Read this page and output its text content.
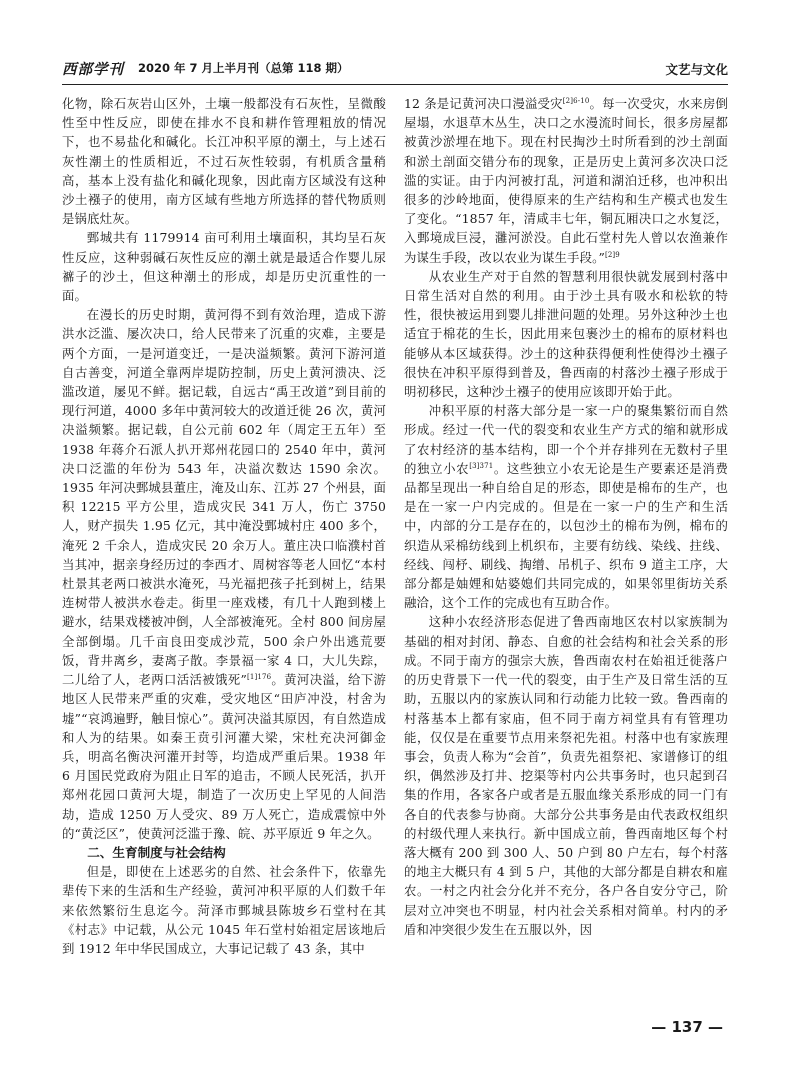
西部学刊 2020 年 7 月上半月刊（总第 118 期）	文艺与文化

化物，除石灰岩山区外，土壤一般都没有石灰性，呈微酸性至中性反应，即使在排水不良和耕作管理粗放的情况下，也不易盐化和碱化。长江冲积平原的潮土，与上述石灰性潮土的性质相近，不过石灰性较弱，有机质含量稍高，基本上没有盐化和碱化现象，因此南方区域没有这种沙土襁子的使用，南方区域有些地方所选择的替代物质则是锅底灶灰。

鄄城共有 1179914 亩可利用土壤面积，其均呈石灰性反应，这种弱碱石灰性反应的潮土就是最适合作婴儿尿褯子的沙土，但这种潮土的形成，却是历史沉重性的一面。

在漫长的历史时期，黄河得不到有效治理，造成下游洪水泛滥、屡次决口，给人民带来了沉重的灾难，主要是两个方面，一是河道变迁，一是决溢频繁。黄河下游河道自古善变，河道全靠两岸堤防控制，历史上黄河溃决、泛滥改道，屡见不鲜。据记载，自远古“禹王改道”到目前的现行河道，4000 多年中黄河较大的改道迁徙 26 次，黄河决溢频繁。据记载，自公元前 602 年（周定王五年）至 1938 年蒋介石派人扒开郑州花园口的 2540 年中，黄河决口泛滥的年份为 543 年，决溢次数达 1590 余次。1935 年河决鄄城县董庄，淹及山东、江苏 27 个州县，面积 12215 平方公里，造成灾民 341 万人，伤亡 3750 人，财产损失 1.95 亿元，其中淹没鄄城村庄 400 多个，淹死 2 千余人，造成灾民 20 余万人。董庄决口临濮村首当其冲，据亲身经历过的李西才、周树容等老人回忆“本村杜景其老两口被洪水淹死，马光福把孩子托到树上，结果连树带人被洪水卷走。街里一座戏楼，有几十人跑到楼上避水，结果戏楼被冲倒，人全部被淹死。全村 800 间房屋全部倒塌。几千亩良田变成沙荒，500 余户外出逃荒要饭，背井离乡，妻离子散。李景福一家 4 口，大儿失踪，二儿给了人，老两口活活被饿死”$^{[1]176}$。黄河决溢，给下游地区人民带来严重的灾难，受灾地区“田庐冲没，村舍为墟”“哀鸿遍野，触目惊心”。黄河决溢其原因，有自然造成和人为的结果。如秦王贲引河灌大梁，宋杜充决河御金兵，明高名衡决河灌开封等，均造成严重后果。1938 年 6 月国民党政府为阻止日军的追击，不顾人民死活，扒开郑州花园口黄河大堤，制造了一次历史上罕见的人间浩劫，造成 1250 万人受灾、89 万人死亡，造成震惊中外的“黄泛区”，使黄河泛滥于豫、皖、苏平原近 9 年之久。

二、生育制度与社会结构

但是，即使在上述恶劣的自然、社会条件下，依靠先辈传下来的生活和生产经验，黄河冲积平原的人们数千年来依然繁衍生息迄今。菏泽市鄄城县陈坡乡石堂村在其《村志》中记载，从公元 1045 年石堂村始祖定居该地后到 1912 年中华民国成立，大事记记载了 43 条，其中

12 条是记黄河决口漫溢受灾$^{[2]6-10}$。每一次受灾，水来房倒屋塌，水退草木丛生，决口之水漫流时间长，很多房屋都被黄沙淤埋在地下。现在村民掏沙土时所看到的沙土剖面和淤土剖面交错分布的现象，正是历史上黄河多次决口泛滥的实证。由于内河被打乱，河道和湖泊迁移，也冲积出很多的沙岭地面，使得原来的生产结构和生产模式也发生了变化。“1857 年，清咸丰七年，铜瓦厢决口之水复泛，入鄄境成巨浸，灉河淤没。自此石堂村先人曾以农渔兼作为谋生手段，改以农业为谋生手段。”$^{[2]9}$

从农业生产对于自然的智慧利用很快就发展到村落中日常生活对自然的利用。由于沙土具有吸水和松软的特性，很快被运用到婴儿排泄问题的处理。另外这种沙土也适宜于棉花的生长，因此用来包裹沙土的棉布的原材料也能够从本区域获得。沙土的这种获得便利性使得沙土襁子很快在冲积平原得到普及，鲁西南的村落沙土襁子形成于明初移民，这种沙土襁子的使用应该即开始于此。

冲积平原的村落大部分是一家一户的聚集繁衍而自然形成。经过一代一代的裂变和农业生产方式的缩和就形成了农村经济的基本结构，即一个个并存排列在无数村子里的独立小农$^{[3]371}$。这些独立小农无论是生产要素还是消费品都呈现出一种自给自足的形态，即使是棉布的生产，也是在一家一户内完成的。但是在一家一户的生产和生活中，内部的分工是存在的，以包沙土的棉布为例，棉布的织造从采棉纺线到上机织布，主要有纺线、染线、拄线、经线、闯杼、刷线、掏缯、吊机子、织布 9 道主工序，大部分都是妯娌和姑婆媳们共同完成的，如果邻里街坊关系融洽，这个工作的完成也有互助合作。

这种小农经济形态促进了鲁西南地区农村以家族制为基础的相对封闭、静态、自愈的社会结构和社会关系的形成。不同于南方的强宗大族，鲁西南农村在始祖迁徙落户的历史背景下一代一代的裂变，由于生产及日常生活的互助，五服以内的家族认同和行动能力比较一致。鲁西南的村落基本上都有家庙，但不同于南方祠堂具有有管理功能，仅仅是在重要节点用来祭祀先祖。村落中也有家族理事会，负责人称为“会首”，负责先祖祭祀、家谱修订的组织，偶然涉及打井、挖渠等村内公共事务时，也只起到召集的作用，各家各户或者是五服血缘关系形成的同一门有各自的代表参与协商。大部分公共事务是由代表政权组织的村级代理人来执行。新中国成立前，鲁西南地区每个村落大概有 200 到 300 人、50 户到 80 户左右，每个村落的地主大概只有 4 到 5 户，其他的大部分都是自耕农和雇农。一村之内社会分化并不充分，各户各自安分守己，阶层对立冲突也不明显，村内社会关系相对简单。村内的矛盾和冲突很少发生在五服以外，因

— 137 —
